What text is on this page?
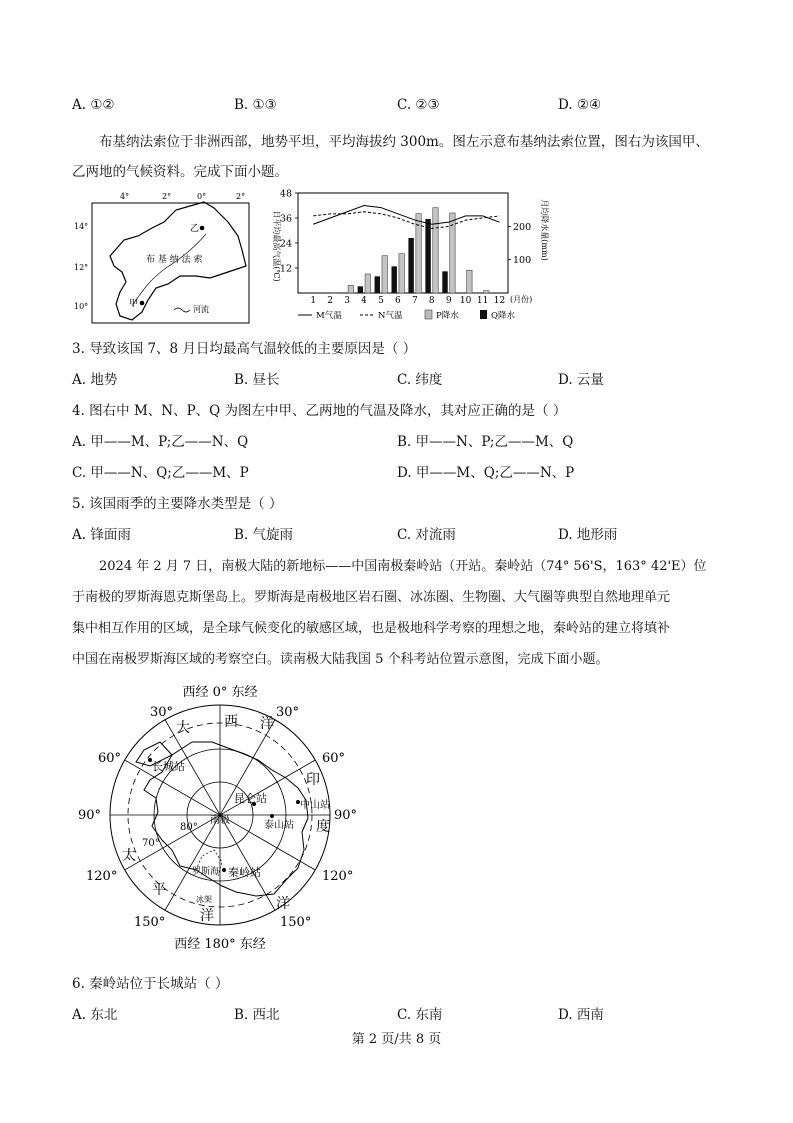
A. ①②	B. ①③	C. ②③	D. ②④
布基纳法索位于非洲西部，地势平坦，平均海拔约 300m。图左示意布基纳法索位置，图右为该国甲、
乙两地的气候资料。完成下面小题。
4°	2°	0°	2°
14°
12°
10°
乙
甲
布 基 纳 法 索
河流
日平均最高气温(℃)	月均降水量(mm)
48
36
24
12
200
100
1 2 3 4 5 6 7 8 9 10 11 12 (月份)
M气温	N气温	P降水	Q降水
3. 导致该国 7、8 月日均最高气温较低的主要原因是（ ）
A. 地势	B. 昼长	C. 纬度	D. 云量
4. 图右中 M、N、P、Q 为图左中甲、乙两地的气温及降水，其对应正确的是（ ）
A. 甲——M、P;乙——N、Q	B. 甲——N、P;乙——M、Q
C. 甲——N、Q;乙——M、P	D. 甲——M、Q;乙——N、P
5. 该国雨季的主要降水类型是（ ）
A. 锋面雨	B. 气旋雨	C. 对流雨	D. 地形雨
2024 年 2 月 7 日，南极大陆的新地标——中国南极秦岭站（开站。秦岭站（74° 56'S，163° 42'E）位
于南极的罗斯海恩克斯堡岛上。罗斯海是南极地区岩石圈、冰冻圈、生物圈、大气圈等典型自然地理单元
集中相互作用的区域，是全球气候变化的敏感区域，也是极地科学考察的理想之地，秦岭站的建立将填补
中国在南极罗斯海区域的考察空白。读南极大陆我国 5 个科考站位置示意图，完成下面小题。
西经 0° 东经
西经 180° 东经
30°	30°
60°	60°
90°	90°
120°	120°
150°	150°
70°
80°
大 西 洋
印
度
太
平
洋
洋
长城站
昆仑站
中山站
泰山站
秦岭站
南极
罗斯海
冰架
6. 秦岭站位于长城站（ ）
A. 东北	B. 西北	C. 东南	D. 西南
第 2 页/共 8 页
